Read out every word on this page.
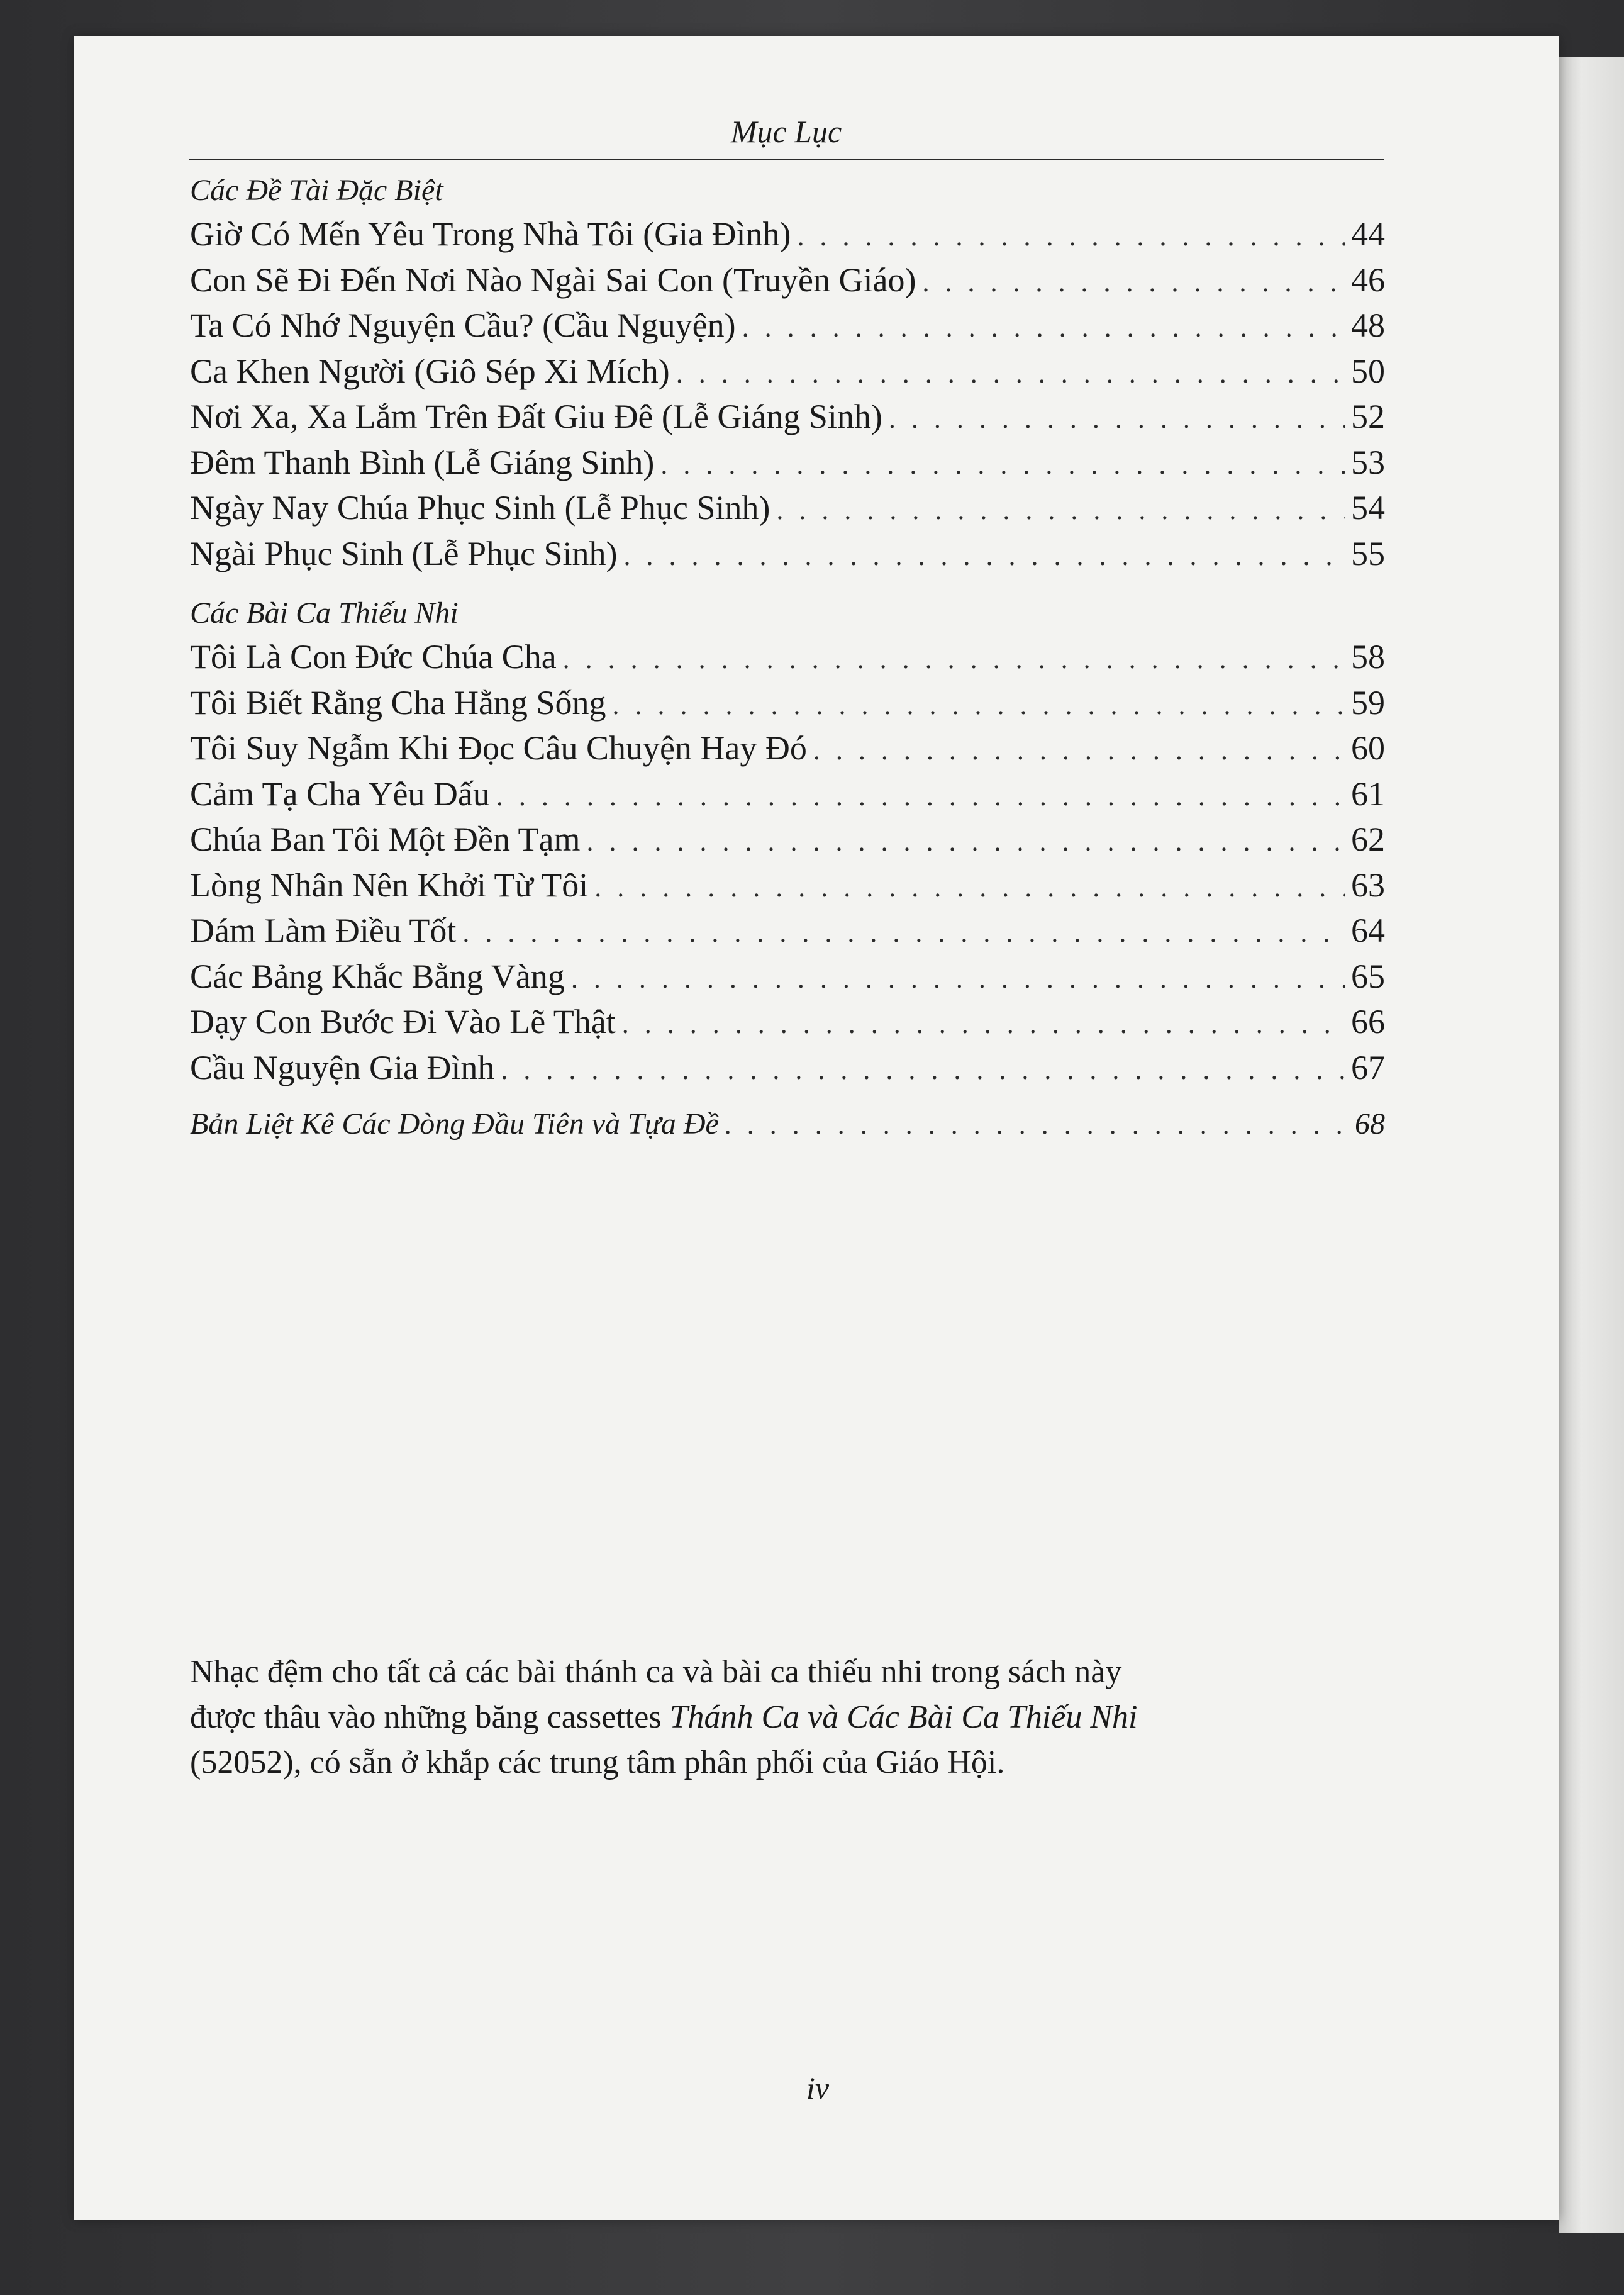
Mục Lục
Các Đề Tài Đặc Biệt
Giờ Có Mến Yêu Trong Nhà Tôi (Gia Đình) . . .	44
Con Sẽ Đi Đến Nơi Nào Ngài Sai Con (Truyền Giáo) . . .	46
Ta Có Nhớ Nguyện Cầu? (Cầu Nguyện) . . .	48
Ca Khen Người (Giô Sép Xi Mích) . . .	50
Nơi Xa, Xa Lắm Trên Đất Giu Đê (Lễ Giáng Sinh) . . .	52
Đêm Thanh Bình (Lễ Giáng Sinh) . . .	53
Ngày Nay Chúa Phục Sinh (Lễ Phục Sinh) . . .	54
Ngài Phục Sinh (Lễ Phục Sinh) . . .	55
Các Bài Ca Thiếu Nhi
Tôi Là Con Đức Chúa Cha . . .	58
Tôi Biết Rằng Cha Hằng Sống . . .	59
Tôi Suy Ngẫm Khi Đọc Câu Chuyện Hay Đó . . .	60
Cảm Tạ Cha Yêu Dấu . . .	61
Chúa Ban Tôi Một Đền Tạm . . .	62
Lòng Nhân Nên Khởi Từ Tôi . . .	63
Dám Làm Điều Tốt . . .	64
Các Bảng Khắc Bằng Vàng . . .	65
Dạy Con Bước Đi Vào Lẽ Thật . . .	66
Cầu Nguyện Gia Đình . . .	67
Bản Liệt Kê Các Dòng Đầu Tiên và Tựa Đề . . .	68
Nhạc đệm cho tất cả các bài thánh ca và bài ca thiếu nhi trong sách này
được thâu vào những băng cassettes Thánh Ca và Các Bài Ca Thiếu Nhi
(52052), có sẵn ở khắp các trung tâm phân phối của Giáo Hội.
iv
